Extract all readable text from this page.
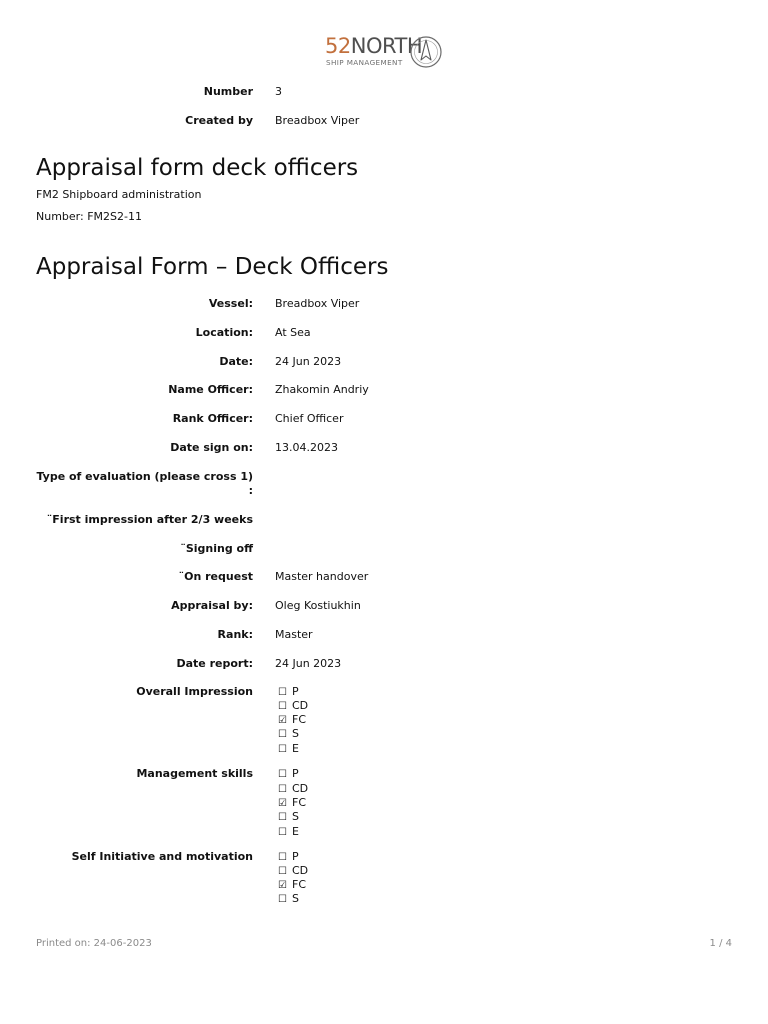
52NORTH
SHIP MANAGEMENT
Number 3
Created by Breadbox Viper
Appraisal form deck officers
FM2 Shipboard administration
Number: FM2S2-11
Appraisal Form – Deck Officers
Vessel: Breadbox Viper
Location: At Sea
Date: 24 Jun 2023
Name Officer: Zhakomin Andriy
Rank Officer: Chief Officer
Date sign on: 13.04.2023
Type of evaluation (please cross 1)
:
¨First impression after 2/3 weeks
¨Signing off
¨On request Master handover
Appraisal by: Oleg Kostiukhin
Rank: Master
Date report: 24 Jun 2023
Overall Impression	☐ P
☐ CD
☑ FC
☐ S
☐ E
Management skills	☐ P
☐ CD
☑ FC
☐ S
☐ E
Self Initiative and motivation	☐ P
☐ CD
☑ FC
☐ S
Printed on: 24-06-2023	1 / 4
